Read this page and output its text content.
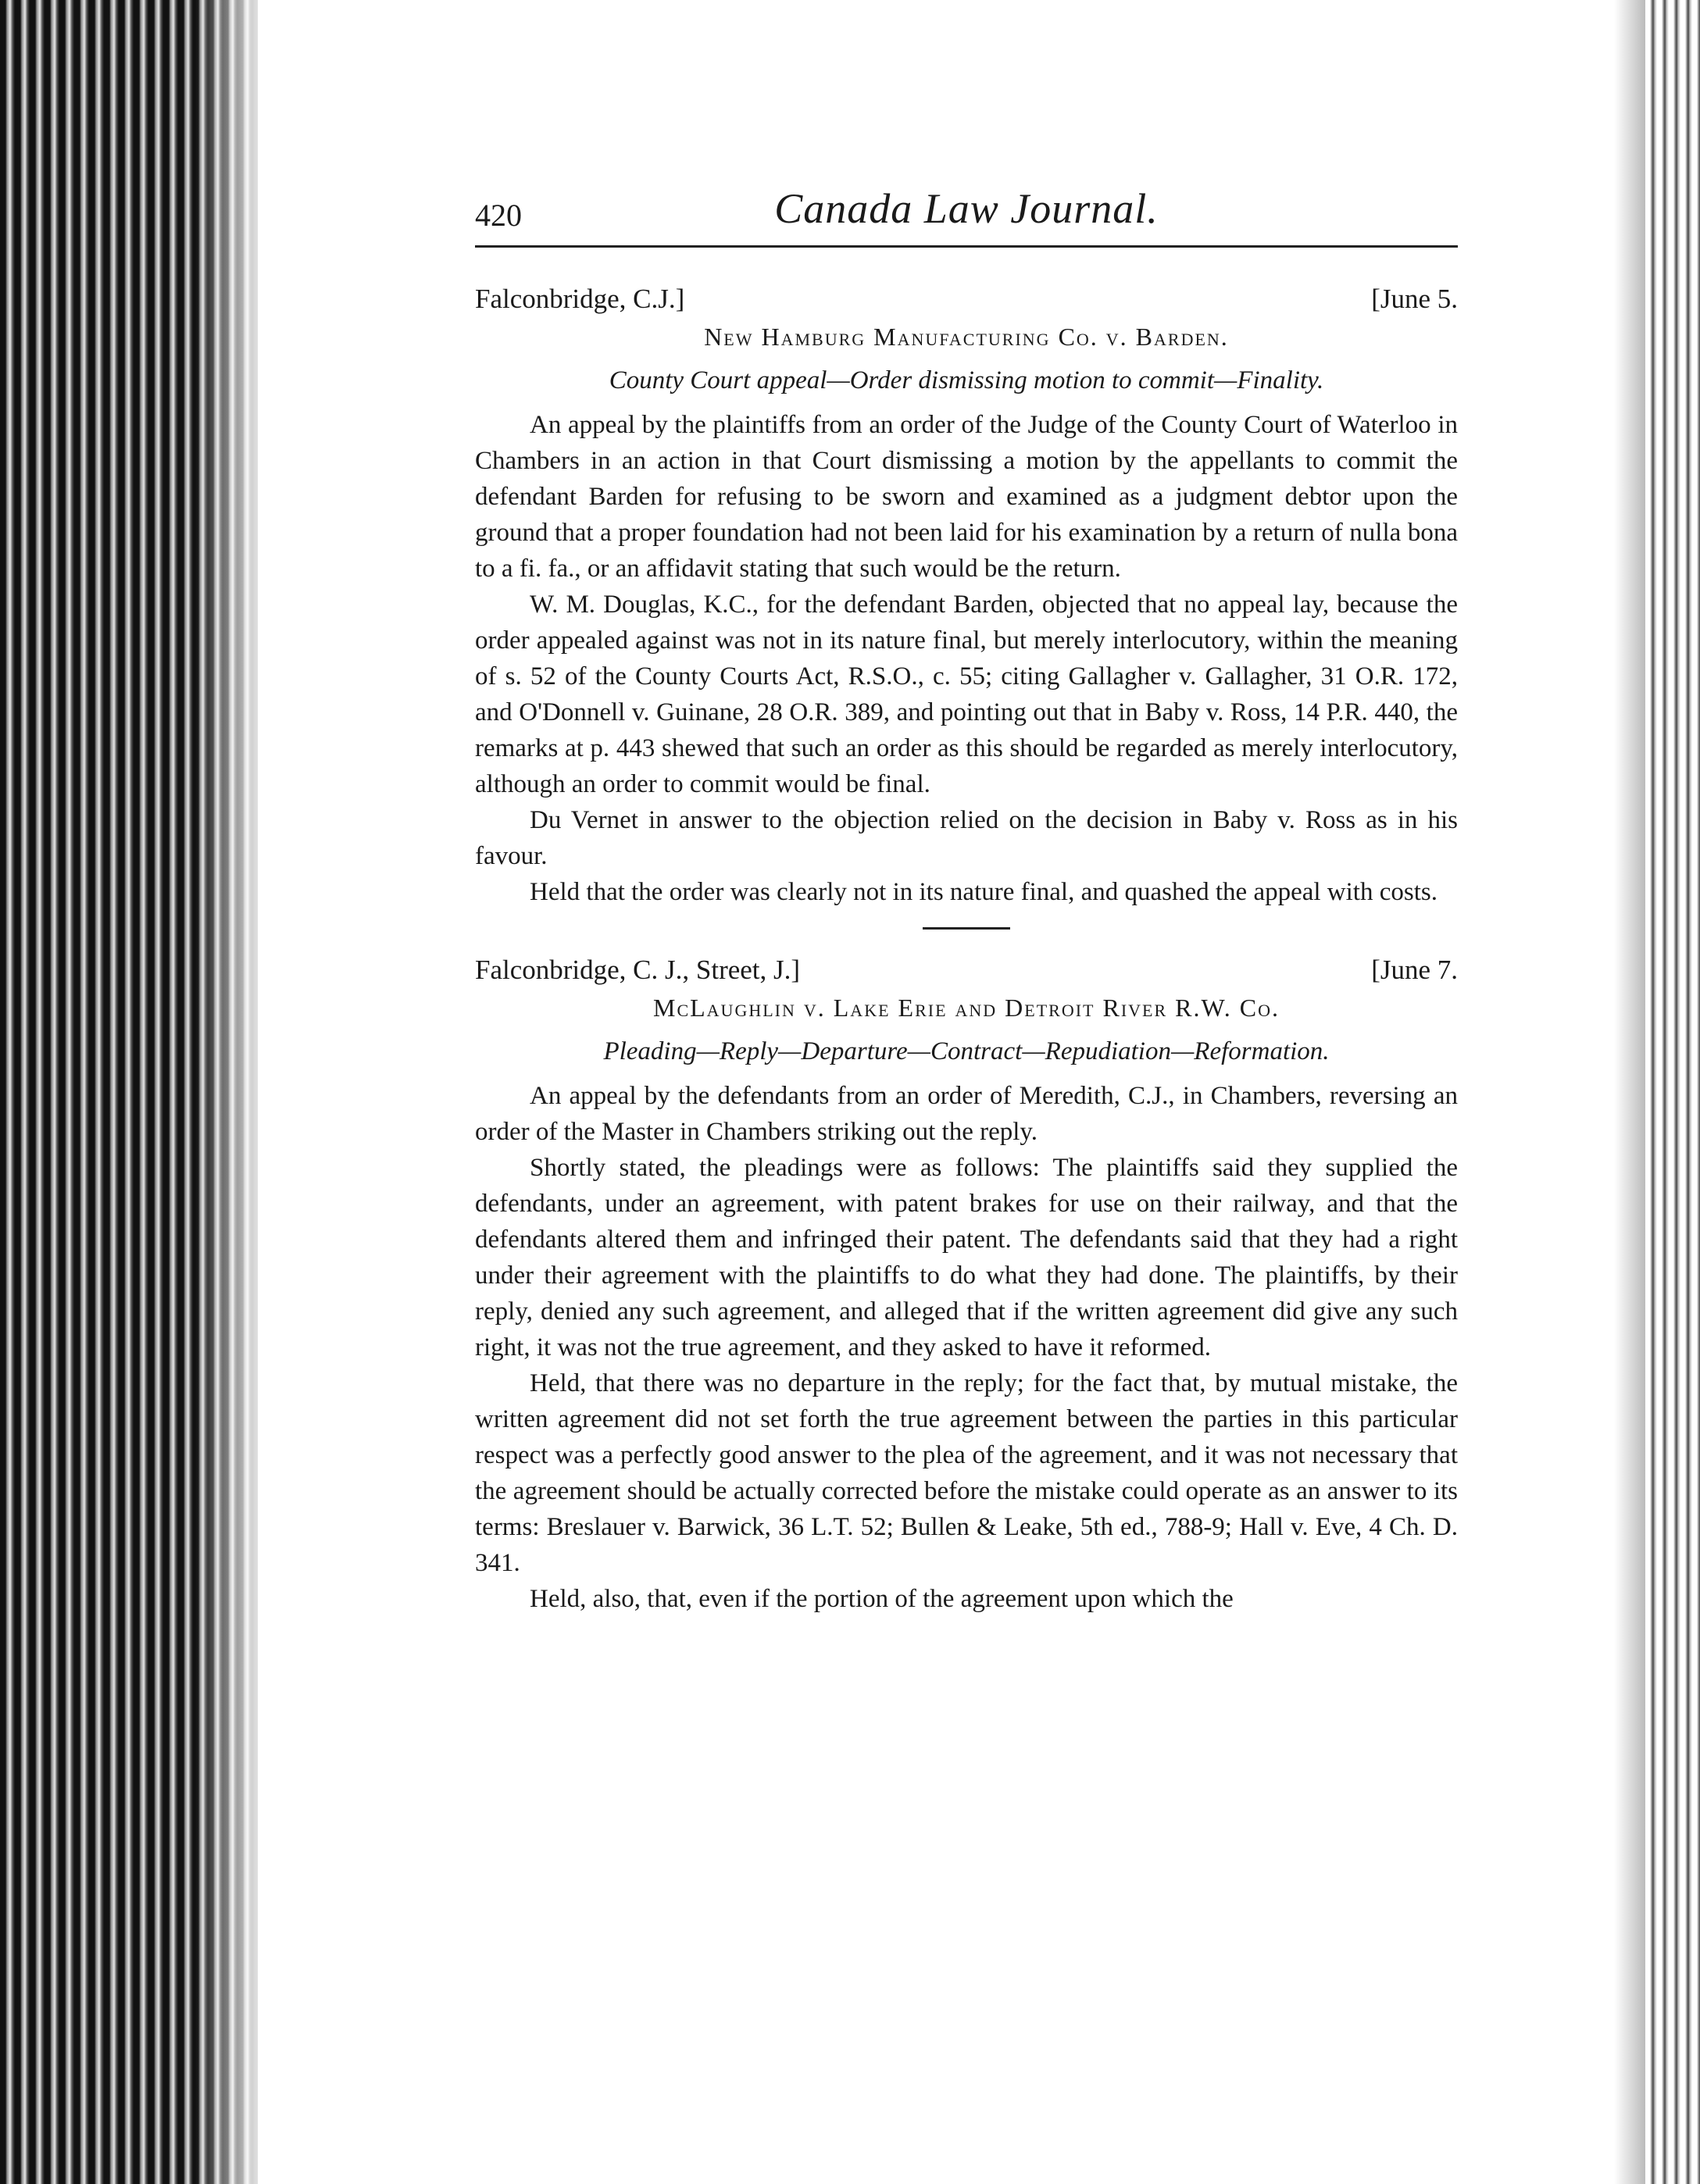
420	Canada Law Journal.
Falconbridge, C.J.]	[June 5.
New Hamburg Manufacturing Co. v. Barden.
County Court appeal—Order dismissing motion to commit—Finality.

An appeal by the plaintiffs from an order of the Judge of the County Court of Waterloo in Chambers in an action in that Court dismissing a motion by the appellants to commit the defendant Barden for refusing to be sworn and examined as a judgment debtor upon the ground that a proper foundation had not been laid for his examination by a return of nulla bona to a fi. fa., or an affidavit stating that such would be the return.

W. M. Douglas, K.C., for the defendant Barden, objected that no appeal lay, because the order appealed against was not in its nature final, but merely interlocutory, within the meaning of s. 52 of the County Courts Act, R.S.O., c. 55; citing Gallagher v. Gallagher, 31 O.R. 172, and O'Donnell v. Guinane, 28 O.R. 389, and pointing out that in Baby v. Ross, 14 P.R. 440, the remarks at p. 443 shewed that such an order as this should be regarded as merely interlocutory, although an order to commit would be final.

Du Vernet in answer to the objection relied on the decision in Baby v. Ross as in his favour.

Held that the order was clearly not in its nature final, and quashed the appeal with costs.

Falconbridge, C. J., Street, J.]	[June 7.
McLaughlin v. Lake Erie and Detroit River R.W. Co.
Pleading—Reply—Departure—Contract—Repudiation—Reformation.

An appeal by the defendants from an order of Meredith, C.J., in Chambers, reversing an order of the Master in Chambers striking out the reply.

Shortly stated, the pleadings were as follows: The plaintiffs said they supplied the defendants, under an agreement, with patent brakes for use on their railway, and that the defendants altered them and infringed their patent. The defendants said that they had a right under their agreement with the plaintiffs to do what they had done. The plaintiffs, by their reply, denied any such agreement, and alleged that if the written agreement did give any such right, it was not the true agreement, and they asked to have it reformed.

Held, that there was no departure in the reply; for the fact that, by mutual mistake, the written agreement did not set forth the true agreement between the parties in this particular respect was a perfectly good answer to the plea of the agreement, and it was not necessary that the agreement should be actually corrected before the mistake could operate as an answer to its terms: Breslauer v. Barwick, 36 L.T. 52; Bullen & Leake, 5th ed., 788-9; Hall v. Eve, 4 Ch. D. 341.

Held, also, that, even if the portion of the agreement upon which the
